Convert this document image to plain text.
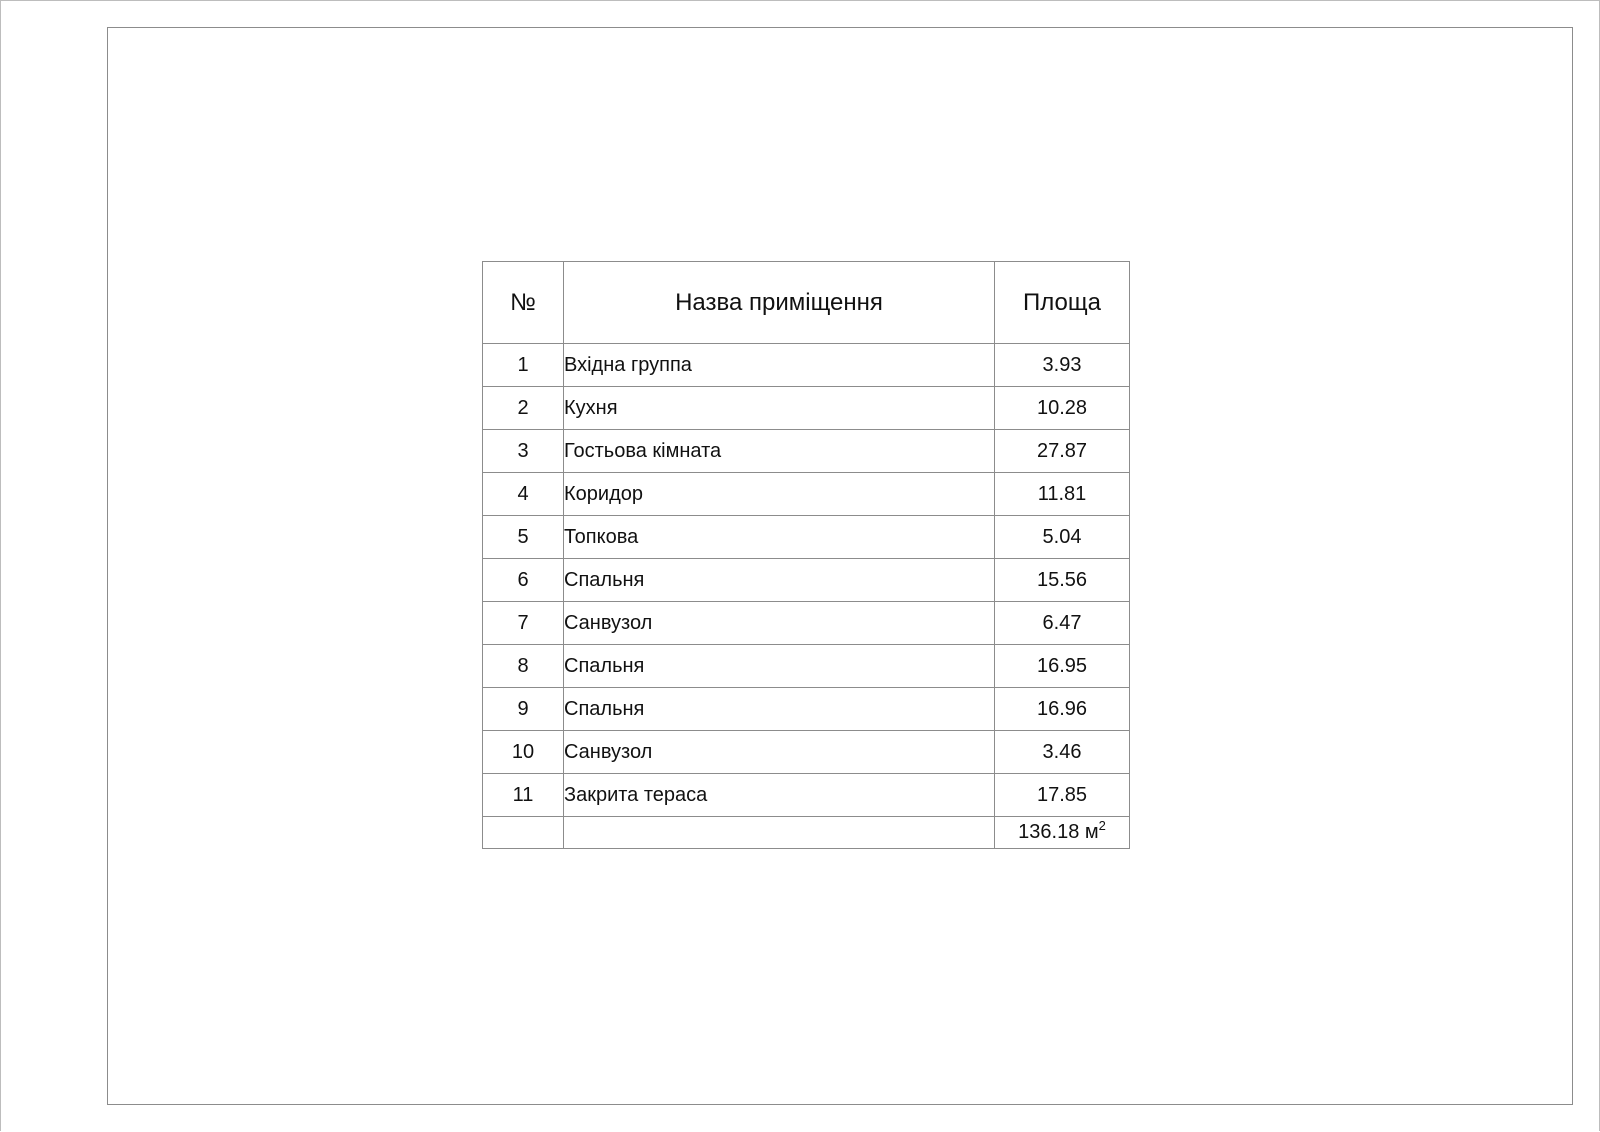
№	Назва приміщення	Площа
1	Вхідна группа	3.93
2	Кухня	10.28
3	Гостьова кімната	27.87
4	Коридор	11.81
5	Топкова	5.04
6	Спальня	15.56
7	Санвузол	6.47
8	Спальня	16.95
9	Спальня	16.96
10	Санвузол	3.46
11	Закрита тераса	17.85
		136.18 $м^2$
